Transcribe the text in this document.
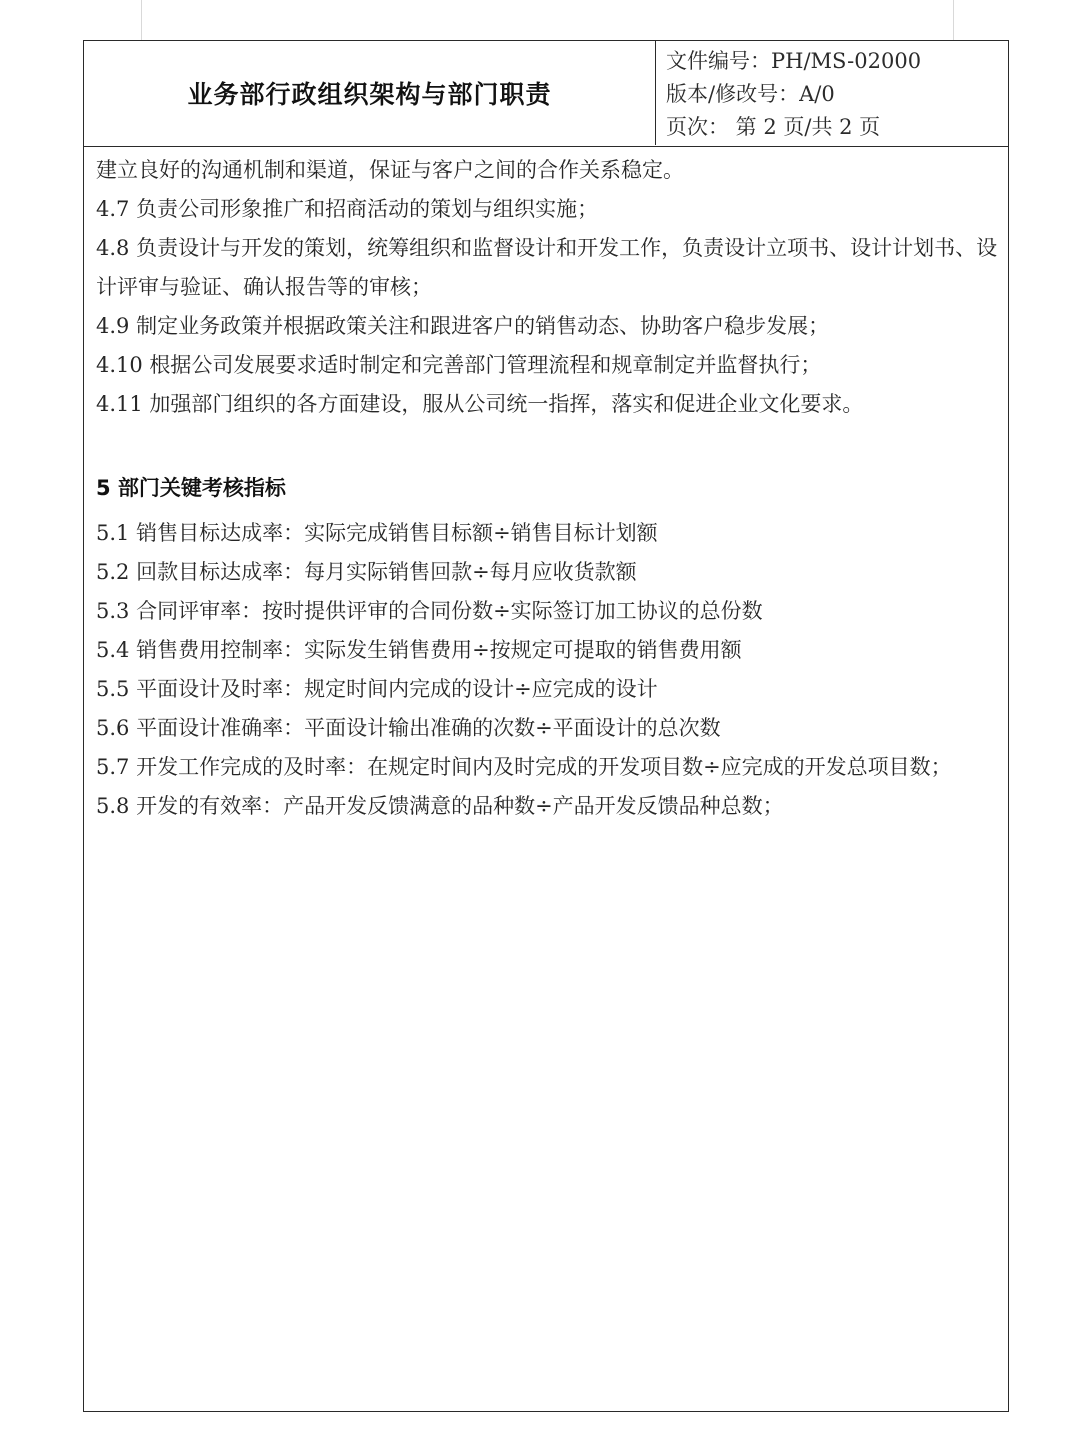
业务部行政组织架构与部门职责
文件编号：PH/MS-02000
版本/修改号：A/0
页次： 第 2 页/共 2 页

建立良好的沟通机制和渠道，保证与客户之间的合作关系稳定。

4.7 负责公司形象推广和招商活动的策划与组织实施；

4.8 负责设计与开发的策划，统筹组织和监督设计和开发工作，负责设计立项书、设计计划书、设计评审与验证、确认报告等的审核；

4.9 制定业务政策并根据政策关注和跟进客户的销售动态、协助客户稳步发展；

4.10 根据公司发展要求适时制定和完善部门管理流程和规章制定并监督执行；

4.11 加强部门组织的各方面建设，服从公司统一指挥，落实和促进企业文化要求。

5 部门关键考核指标

5.1 销售目标达成率：实际完成销售目标额÷销售目标计划额

5.2 回款目标达成率：每月实际销售回款÷每月应收货款额

5.3 合同评审率：按时提供评审的合同份数÷实际签订加工协议的总份数

5.4 销售费用控制率：实际发生销售费用÷按规定可提取的销售费用额

5.5 平面设计及时率：规定时间内完成的设计÷应完成的设计

5.6 平面设计准确率：平面设计输出准确的次数÷平面设计的总次数

5.7 开发工作完成的及时率：在规定时间内及时完成的开发项目数÷应完成的开发总项目数；

5.8 开发的有效率：产品开发反馈满意的品种数÷产品开发反馈品种总数；
